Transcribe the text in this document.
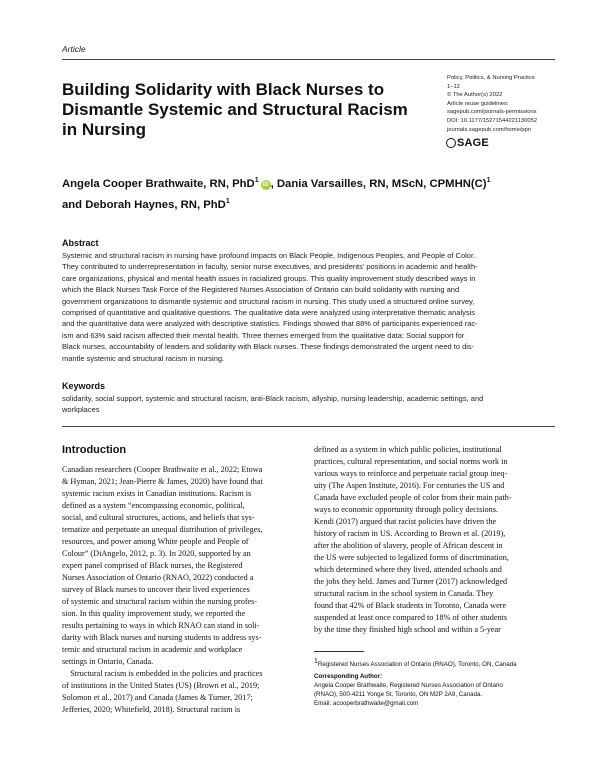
Article
Building Solidarity with Black Nurses to
Dismantle Systemic and Structural Racism
in Nursing
Policy, Politics, & Nursing Practice
1–12
© The Author(s) 2022
Article reuse guidelines:
sagepub.com/journals-permissions
DOI: 10.1177/15271544221130052
journals.sagepub.com/home/ppn
SAGE
Angela Cooper Brathwaite, RN, PhD$^1$iD , Dania Varsailles, RN, MScN, $CPMHN(C)^1$
and Deborah Haynes, RN, PhD$^1$
Abstract
Systemic and structural racism in nursing have profound impacts on Black People, Indigenous Peoples, and People of Color.
They contributed to underrepresentation in faculty, senior nurse executives, and presidents’ positions in academic and health-
care organizations, physical and mental health issues in racialized groups. This quality improvement study described ways in
which the Black Nurses Task Force of the Registered Nurses Association of Ontario can build solidarity with nursing and
government organizations to dismantle systemic and structural racism in nursing. This study used a structured online survey,
comprised of quantitative and qualitative questions. The qualitative data were analyzed using interpretative thematic analysis
and the quantitative data were analyzed with descriptive statistics. Findings showed that 88% of participants experienced rac-
ism and 63% said racism affected their mental health. Three themes emerged from the qualitative data: Social support for
Black nurses, accountability of leaders and solidarity with Black nurses. These findings demonstrated the urgent need to dis-
mantle systemic and structural racism in nursing.
Keywords
solidarity, social support, systemic and structural racism, anti-Black racism, allyship, nursing leadership, academic settings, and
workplaces
Introduction
Canadian researchers (Cooper Brathwaite et al., 2022; Etowa
& Hyman, 2021; Jean-Pierre & James, 2020) have found that
systemic racism exists in Canadian institutions. Racism is
defined as a system “encompassing economic, political,
social, and cultural structures, actions, and beliefs that sys-
tematize and perpetuate an unequal distribution of privileges,
resources, and power among White people and People of
Colour” (DiAngelo, 2012, p. 3). In 2020, supported by an
expert panel comprised of Black nurses, the Registered
Nurses Association of Ontario (RNAO, 2022) conducted a
survey of Black nurses to uncover their lived experiences
of systemic and structural racism within the nursing profes-
sion. In this quality improvement study, we reported the
results pertaining to ways in which RNAO can stand in soli-
darity with Black nurses and nursing students to address sys-
temic and structural racism in academic and workplace
settings in Ontario, Canada.
Structural racism is embedded in the policies and practices
of institutions in the United States (US) (Brown et al., 2019;
Solomon et al., 2017) and Canada (James & Turner, 2017;
Jefferies, 2020; Whitefield, 2018). Structural racism is
defined as a system in which public policies, institutional
practices, cultural representation, and social norms work in
various ways to reinforce and perpetuate racial group ineq-
uity (The Aspen Institute, 2016). For centuries the US and
Canada have excluded people of color from their main path-
ways to economic opportunity through policy decisions.
Kendi (2017) argued that racist policies have driven the
history of racism in US. According to Brown et al. (2019),
after the abolition of slavery, people of African descent in
the US were subjected to legalized forms of discrimination,
which determined where they lived, attended schools and
the jobs they held. James and Turner (2017) acknowledged
structural racism in the school system in Canada. They
found that 42% of Black students in Toronto, Canada were
suspended at least once compared to 18% of other students
by the time they finished high school and within a 5-year
$^1$Registered Nurses Association of Ontario (RNAO), Toronto, ON, Canada
Corresponding Author:
Angela Cooper Brathwaite, Registered Nurses Association of Ontario
(RNAO), 500-4211 Yonge St, Toronto, ON M2P 2A9, Canada.
Email: acooperbrathwaite@gmail.com
